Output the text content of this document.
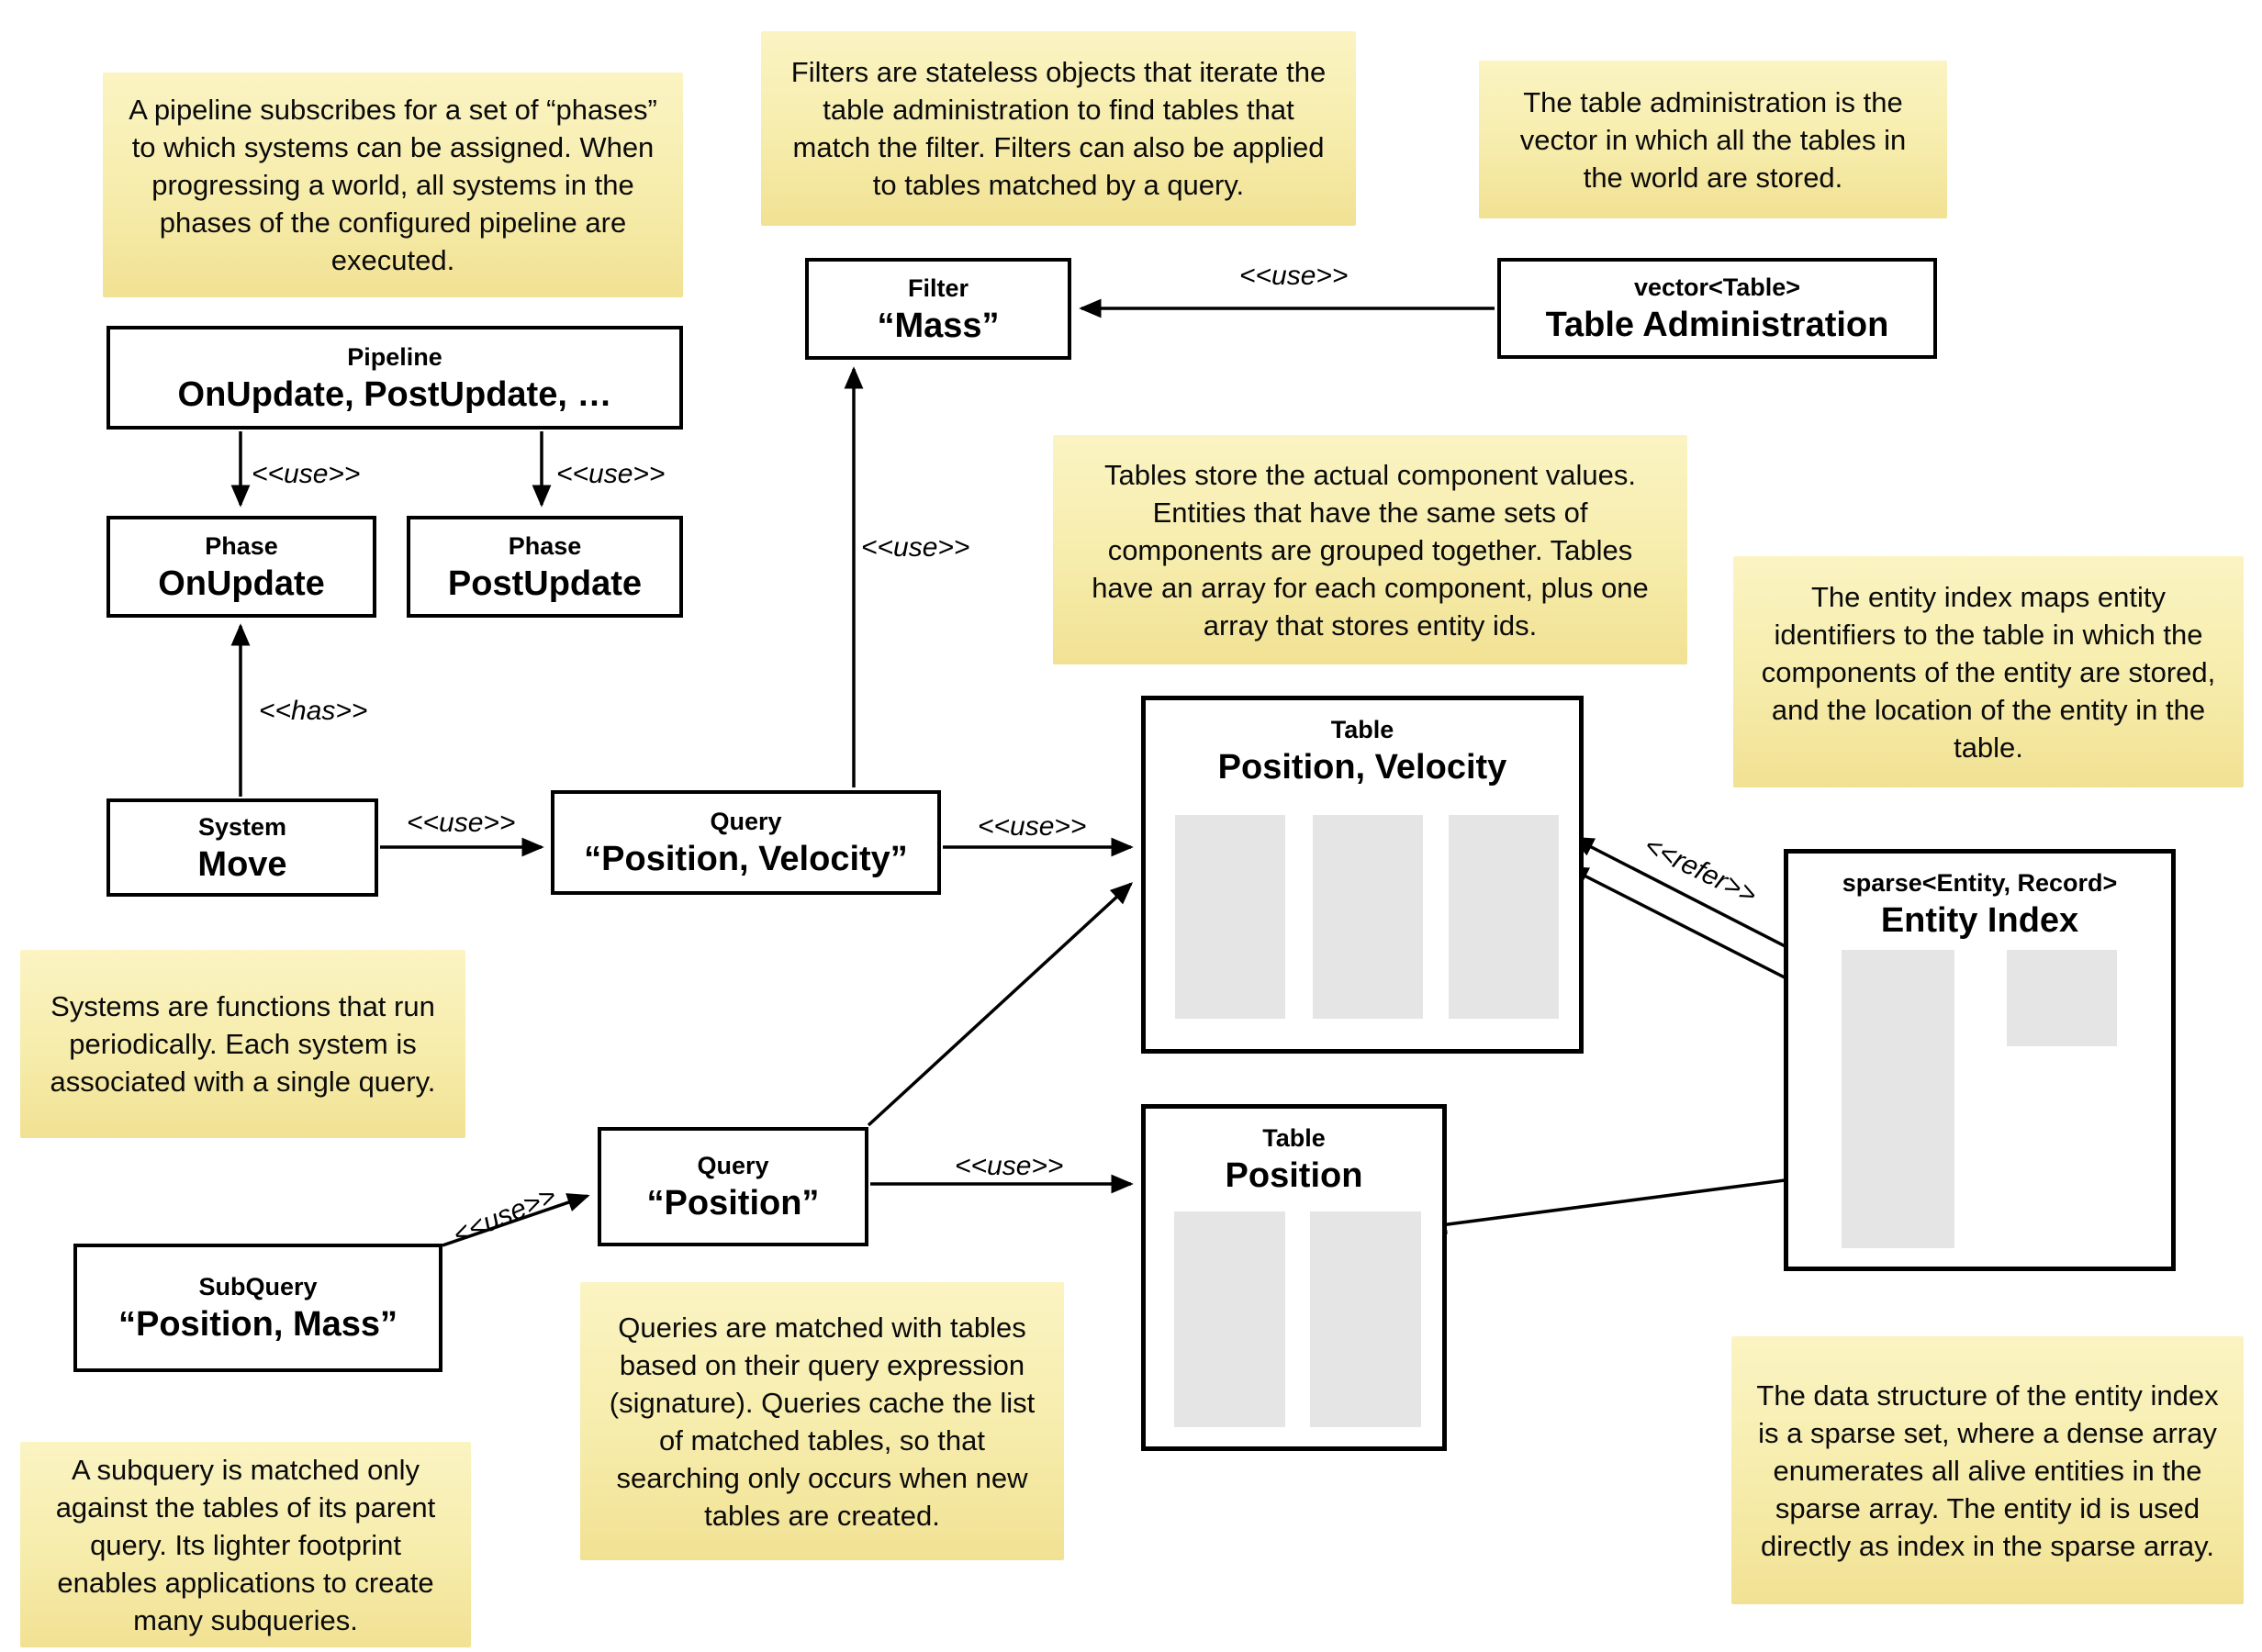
A pipeline subscribes for a set of “phases” to which systems can be assigned. When progressing a world, all systems in the phases of the configured pipeline are executed.
Filters are stateless objects that iterate the table administration to find tables that match the filter. Filters can also be applied to tables matched by a query.
The table administration is the vector in which all the tables in the world are stored.
Tables store the actual component values. Entities that have the same sets of components are grouped together. Tables have an array for each component, plus one array that stores entity ids.
The entity index maps entity identifiers to the table in which the components of the entity are stored, and the location of the entity in the table.
Systems are functions that run periodically. Each system is associated with a single query.
Queries are matched with tables based on their query expression (signature). Queries cache the list of matched tables, so that searching only occurs when new tables are created.
A subquery is matched only against the tables of its parent query. Its lighter footprint enables applications to create many subqueries.
The data structure of the entity index is a sparse set, where a dense array enumerates all alive entities in the sparse array. The entity id is used directly as index in the sparse array.
Pipeline
OnUpdate, PostUpdate, …
Phase
OnUpdate
Phase
PostUpdate
System
Move
Query
“Position, Velocity”
Filter
“Mass”
vector<Table>
Table Administration
Query
“Position”
SubQuery
“Position, Mass”
Table
Position, Velocity
Table
Position
sparse<Entity, Record>
Entity Index
<<use>>	<<use>>
<<has>>
<<use>>
<<use>>
<<use>>
<<use>>
<<use>>
<<use>>
<<refer>>
